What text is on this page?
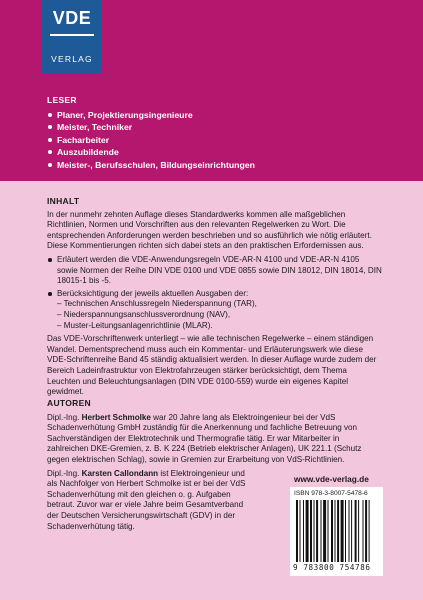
VDE
VERLAG
LESER
Planer, Projektierungsingenieure
Meister, Techniker
Facharbeiter
Auszubildende
Meister-, Berufsschulen, Bildungseinrichtungen
INHALT

In der nunmehr zehnten Auflage dieses Standardwerks kommen alle maßgeblichen Richtlinien, Normen und Vorschriften aus den relevanten Regelwerken zu Wort. Die entsprechenden Anforderungen werden beschrieben und so ausführlich wie nötig erläutert. Diese Kommentierungen richten sich dabei stets an den praktischen Erfordernissen aus.

Erläutert werden die VDE-Anwendungsregeln VDE-AR-N 4100 und VDE-AR-N 4105 sowie Normen der Reihe DIN VDE 0100 und VDE 0855 sowie DIN 18012, DIN 18014, DIN 18015-1 bis -5.
Berücksichtigung der jeweils aktuellen Ausgaben der:
– Technischen Anschlussregeln Niederspannung (TAR),
– Niederspannungsanschlussverordnung (NAV),
– Muster-Leitungsanlagenrichtlinie (MLAR).

Das VDE-Vorschriftenwerk unterliegt – wie alle technischen Regelwerke – einem ständigen Wandel. Dementsprechend muss auch ein Kommentar- und Erläuterungswerk wie diese VDE-Schriftenreihe Band 45 ständig aktualisiert werden. In dieser Auflage wurde zudem der Bereich Ladeinfrastruktur von Elektrofahrzeugen stärker berücksichtigt, dem Thema Leuchten und Beleuchtungsanlagen (DIN VDE 0100-559) wurde ein eigenes Kapitel gewidmet.

AUTOREN

Dipl.-Ing. Herbert Schmolke war 20 Jahre lang als Elektroingenieur bei der VdS Schadenverhütung GmbH zuständig für die Anerkennung und fachliche Betreuung von Sachverständigen der Elektrotechnik und Thermografie tätig. Er war Mitarbeiter in zahlreichen DKE-Gremien, z. B. K 224 (Betrieb elektrischer Anlagen), UK 221.1 (Schutz gegen elektrischen Schlag), sowie in Gremien zur Erarbeitung von VdS-Richtlinien.

Dipl.-Ing. Karsten Callondann ist Elektroingenieur und als Nachfolger von Herbert Schmolke ist er bei der VdS Schadenverhütung mit den gleichen o. g. Aufgaben betraut. Zuvor war er viele Jahre beim Gesamtverband der Deutschen Versicherungswirtschaft (GDV) in der Schadenverhütung tätig.

www.vde-verlag.de
ISBN 978-3-8007-5478-6
9 783800 754786
